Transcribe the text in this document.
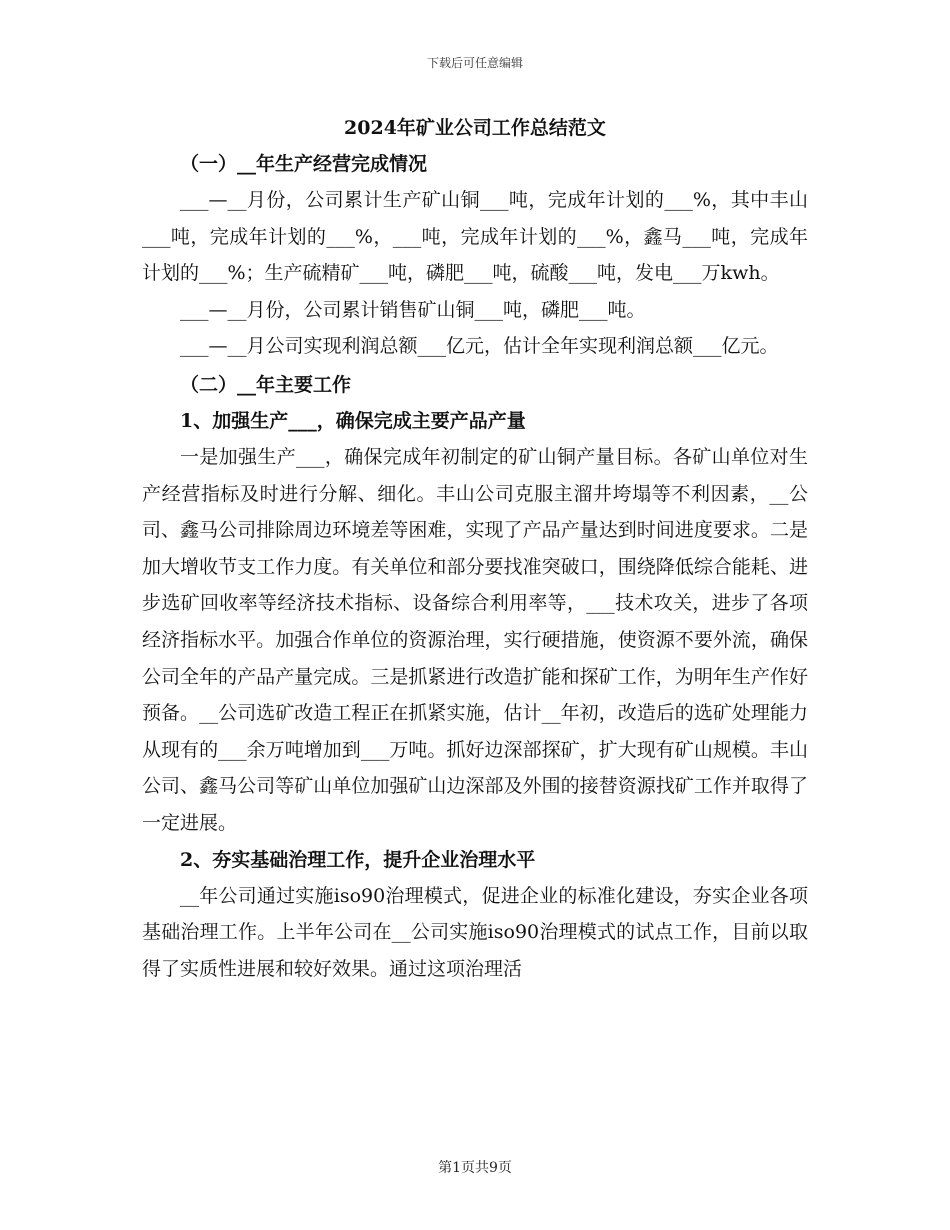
下载后可任意编辑
2024年矿业公司工作总结范文
（一）__年生产经营完成情况

___—__月份，公司累计生产矿山铜___吨，完成年计划的___%，其中丰山___吨，完成年计划的___%，___吨，完成年计划的___%，鑫马___吨，完成年计划的___%；生产硫精矿___吨，磷肥___吨，硫酸___吨，发电___万kwh。

___—__月份，公司累计销售矿山铜___吨，磷肥___吨。

___—__月公司实现利润总额___亿元，估计全年实现利润总额___亿元。

（二）__年主要工作
1、加强生产___，确保完成主要产品产量

一是加强生产___，确保完成年初制定的矿山铜产量目标。各矿山单位对生产经营指标及时进行分解、细化。丰山公司克服主溜井垮塌等不利因素，__公司、鑫马公司排除周边环境差等困难，实现了产品产量达到时间进度要求。二是加大增收节支工作力度。有关单位和部分要找准突破口，围绕降低综合能耗、进步选矿回收率等经济技术指标、设备综合利用率等，___技术攻关，进步了各项经济指标水平。加强合作单位的资源治理，实行硬措施，使资源不要外流，确保公司全年的产品产量完成。三是抓紧进行改造扩能和探矿工作，为明年生产作好预备。__公司选矿改造工程正在抓紧实施，估计__年初，改造后的选矿处理能力从现有的___余万吨增加到___万吨。抓好边深部探矿，扩大现有矿山规模。丰山公司、鑫马公司等矿山单位加强矿山边深部及外围的接替资源找矿工作并取得了一定进展。

2、夯实基础治理工作，提升企业治理水平

__年公司通过实施iso90治理模式，促进企业的标准化建设，夯实企业各项基础治理工作。上半年公司在__公司实施iso90治理模式的试点工作，目前以取得了实质性进展和较好效果。通过这项治理活

第1页共9页
